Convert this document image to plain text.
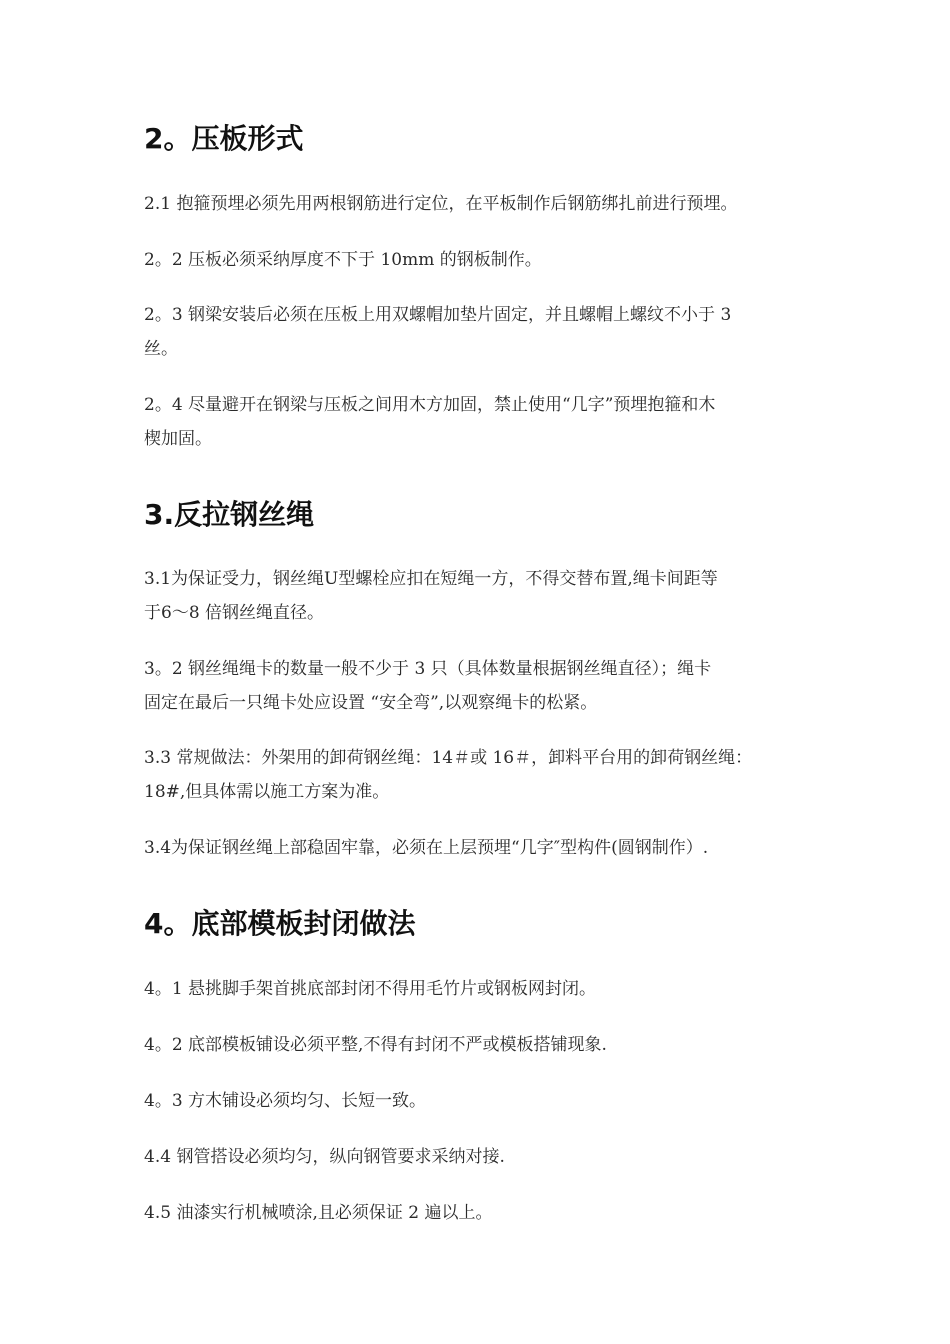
2。压板形式
2.1 抱箍预埋必须先用两根钢筋进行定位，在平板制作后钢筋绑扎前进行预埋。
2。2 压板必须采纳厚度不下于 10mm 的钢板制作。
2。3 钢梁安装后必须在压板上用双螺帽加垫片固定，并且螺帽上螺纹不小于 3
丝。
2。4 尽量避开在钢梁与压板之间用木方加固，禁止使用“几字”预埋抱箍和木
楔加固。
3.反拉钢丝绳
3.1为保证受力，钢丝绳U型螺栓应扣在短绳一方，不得交替布置,绳卡间距等
于6～8 倍钢丝绳直径。
3。2 钢丝绳绳卡的数量一般不少于 3 只（具体数量根据钢丝绳直径）；绳卡
固定在最后一只绳卡处应设置 “安全弯”,以观察绳卡的松紧。
3.3 常规做法：外架用的卸荷钢丝绳：14＃或 16＃，卸料平台用的卸荷钢丝绳：
18#,但具体需以施工方案为准。
3.4为保证钢丝绳上部稳固牢靠，必须在上层预埋“几字″型构件(圆钢制作）.
4。底部模板封闭做法
4。1 悬挑脚手架首挑底部封闭不得用毛竹片或钢板网封闭。
4。2 底部模板铺设必须平整,不得有封闭不严或模板搭铺现象.
4。3 方木铺设必须均匀、长短一致。
4.4 钢管搭设必须均匀，纵向钢管要求采纳对接.
4.5 油漆实行机械喷涂,且必须保证 2 遍以上。
